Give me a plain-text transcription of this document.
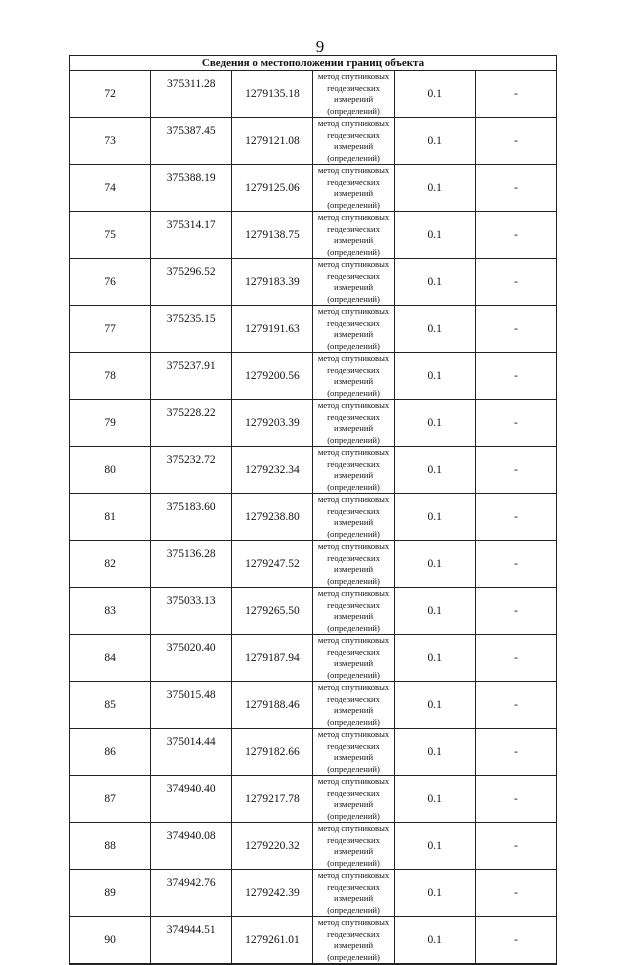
9
Сведения о местоположении границ объекта					
72	375311.28	1279135.18	метод спутниковых
геодезических измерений
(определений)	0.1	-
73	375387.45	1279121.08	метод спутниковых
геодезических измерений
(определений)	0.1	-
74	375388.19	1279125.06	метод спутниковых
геодезических измерений
(определений)	0.1	-
75	375314.17	1279138.75	метод спутниковых
геодезических измерений
(определений)	0.1	-
76	375296.52	1279183.39	метод спутниковых
геодезических измерений
(определений)	0.1	-
77	375235.15	1279191.63	метод спутниковых
геодезических измерений
(определений)	0.1	-
78	375237.91	1279200.56	метод спутниковых
геодезических измерений
(определений)	0.1	-
79	375228.22	1279203.39	метод спутниковых
геодезических измерений
(определений)	0.1	-
80	375232.72	1279232.34	метод спутниковых
геодезических измерений
(определений)	0.1	-
81	375183.60	1279238.80	метод спутниковых
геодезических измерений
(определений)	0.1	-
82	375136.28	1279247.52	метод спутниковых
геодезических измерений
(определений)	0.1	-
83	375033.13	1279265.50	метод спутниковых
геодезических измерений
(определений)	0.1	-
84	375020.40	1279187.94	метод спутниковых
геодезических измерений
(определений)	0.1	-
85	375015.48	1279188.46	метод спутниковых
геодезических измерений
(определений)	0.1	-
86	375014.44	1279182.66	метод спутниковых
геодезических измерений
(определений)	0.1	-
87	374940.40	1279217.78	метод спутниковых
геодезических измерений
(определений)	0.1	-
88	374940.08	1279220.32	метод спутниковых
геодезических измерений
(определений)	0.1	-
89	374942.76	1279242.39	метод спутниковых
геодезических измерений
(определений)	0.1	-
90	374944.51	1279261.01	метод спутниковых
геодезических измерений
(определений)	0.1	-
